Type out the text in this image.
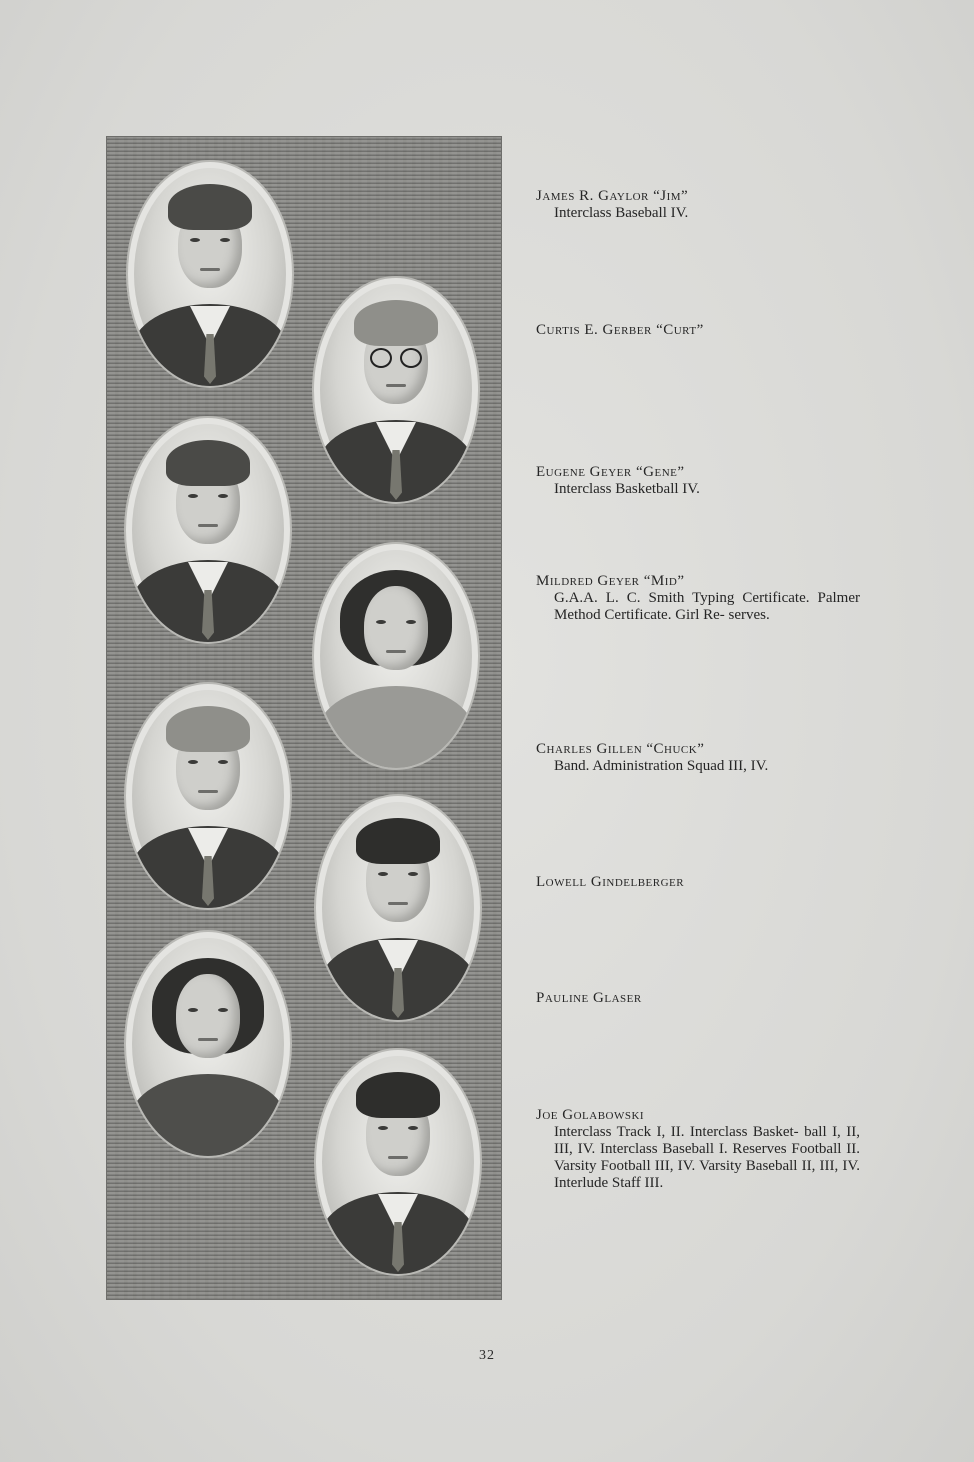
James R. Gaylor “Jim”
Interclass Baseball IV.
Curtis E. Gerber “Curt”
Eugene Geyer “Gene”
Interclass Basketball IV.
Mildred Geyer “Mid”
G.A.A. L. C. Smith Typing Certificate. Palmer Method Certificate. Girl Re- serves.
Charles Gillen “Chuck”
Band. Administration Squad III, IV.
Lowell Gindelberger
Pauline Glaser
Joe Golabowski
Interclass Track I, II. Interclass Basket- ball I, II, III, IV. Interclass Baseball I. Reserves Football II. Varsity Football III, IV. Varsity Baseball II, III, IV. Interlude Staff III.
32
